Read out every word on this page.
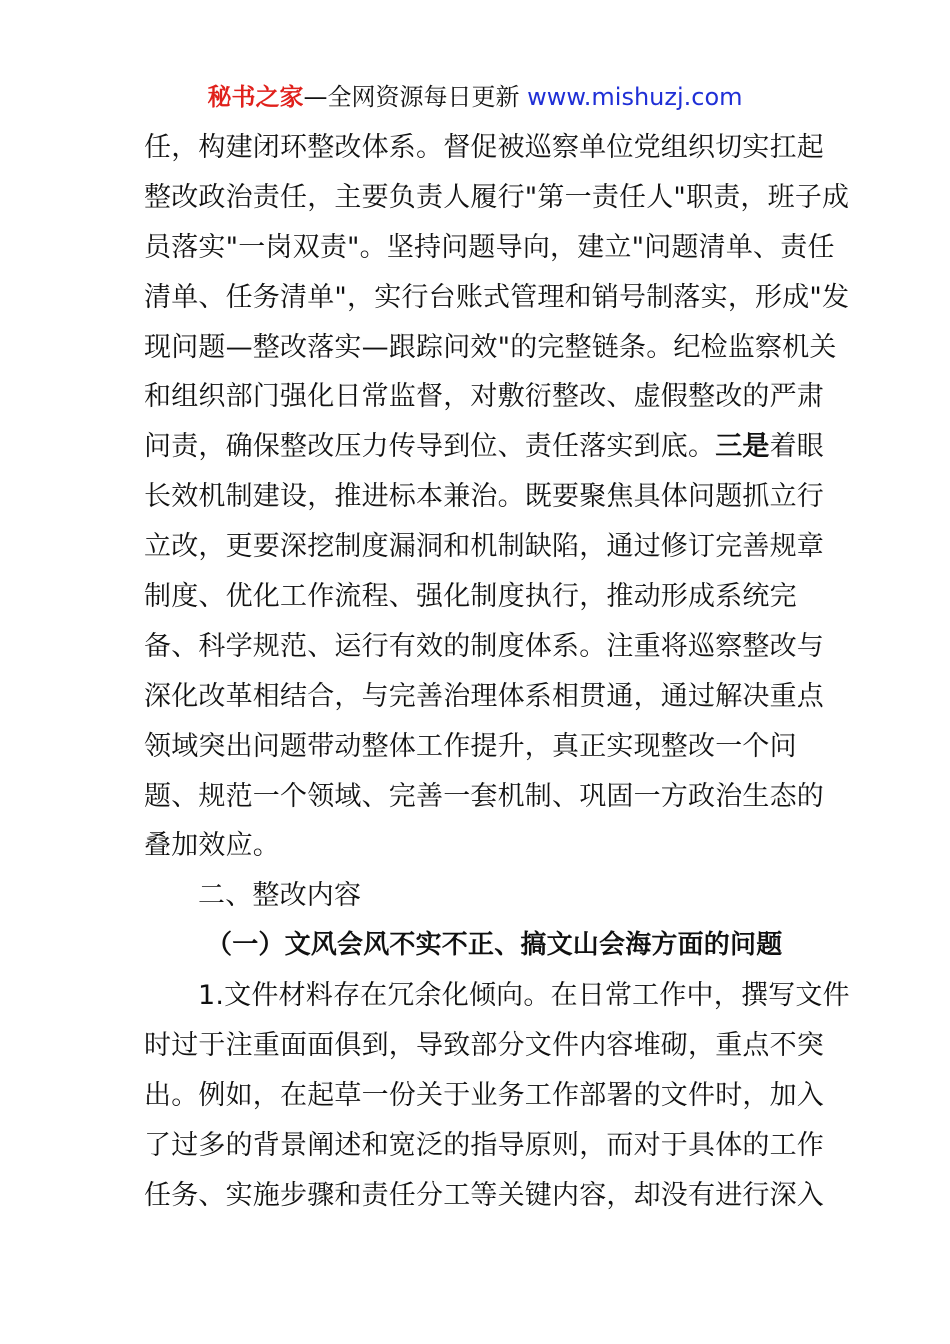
秘书之家—全网资源每日更新 www.mishuzj.com
任，构建闭环整改体系。督促被巡察单位党组织切实扛起
整改政治责任，主要负责人履行"第一责任人"职责，班子成
员落实"一岗双责"。坚持问题导向，建立"问题清单、责任
清单、任务清单"，实行台账式管理和销号制落实，形成"发
现问题—整改落实—跟踪问效"的完整链条。纪检监察机关
和组织部门强化日常监督，对敷衍整改、虚假整改的严肃
问责，确保整改压力传导到位、责任落实到底。三是着眼
长效机制建设，推进标本兼治。既要聚焦具体问题抓立行
立改，更要深挖制度漏洞和机制缺陷，通过修订完善规章
制度、优化工作流程、强化制度执行，推动形成系统完
备、科学规范、运行有效的制度体系。注重将巡察整改与
深化改革相结合，与完善治理体系相贯通，通过解决重点
领域突出问题带动整体工作提升，真正实现整改一个问
题、规范一个领域、完善一套机制、巩固一方政治生态的
叠加效应。
二、整改内容
（一）文风会风不实不正、搞文山会海方面的问题
1.文件材料存在冗余化倾向。在日常工作中，撰写文件
时过于注重面面俱到，导致部分文件内容堆砌，重点不突
出。例如，在起草一份关于业务工作部署的文件时，加入
了过多的背景阐述和宽泛的指导原则，而对于具体的工作
任务、实施步骤和责任分工等关键内容，却没有进行深入
